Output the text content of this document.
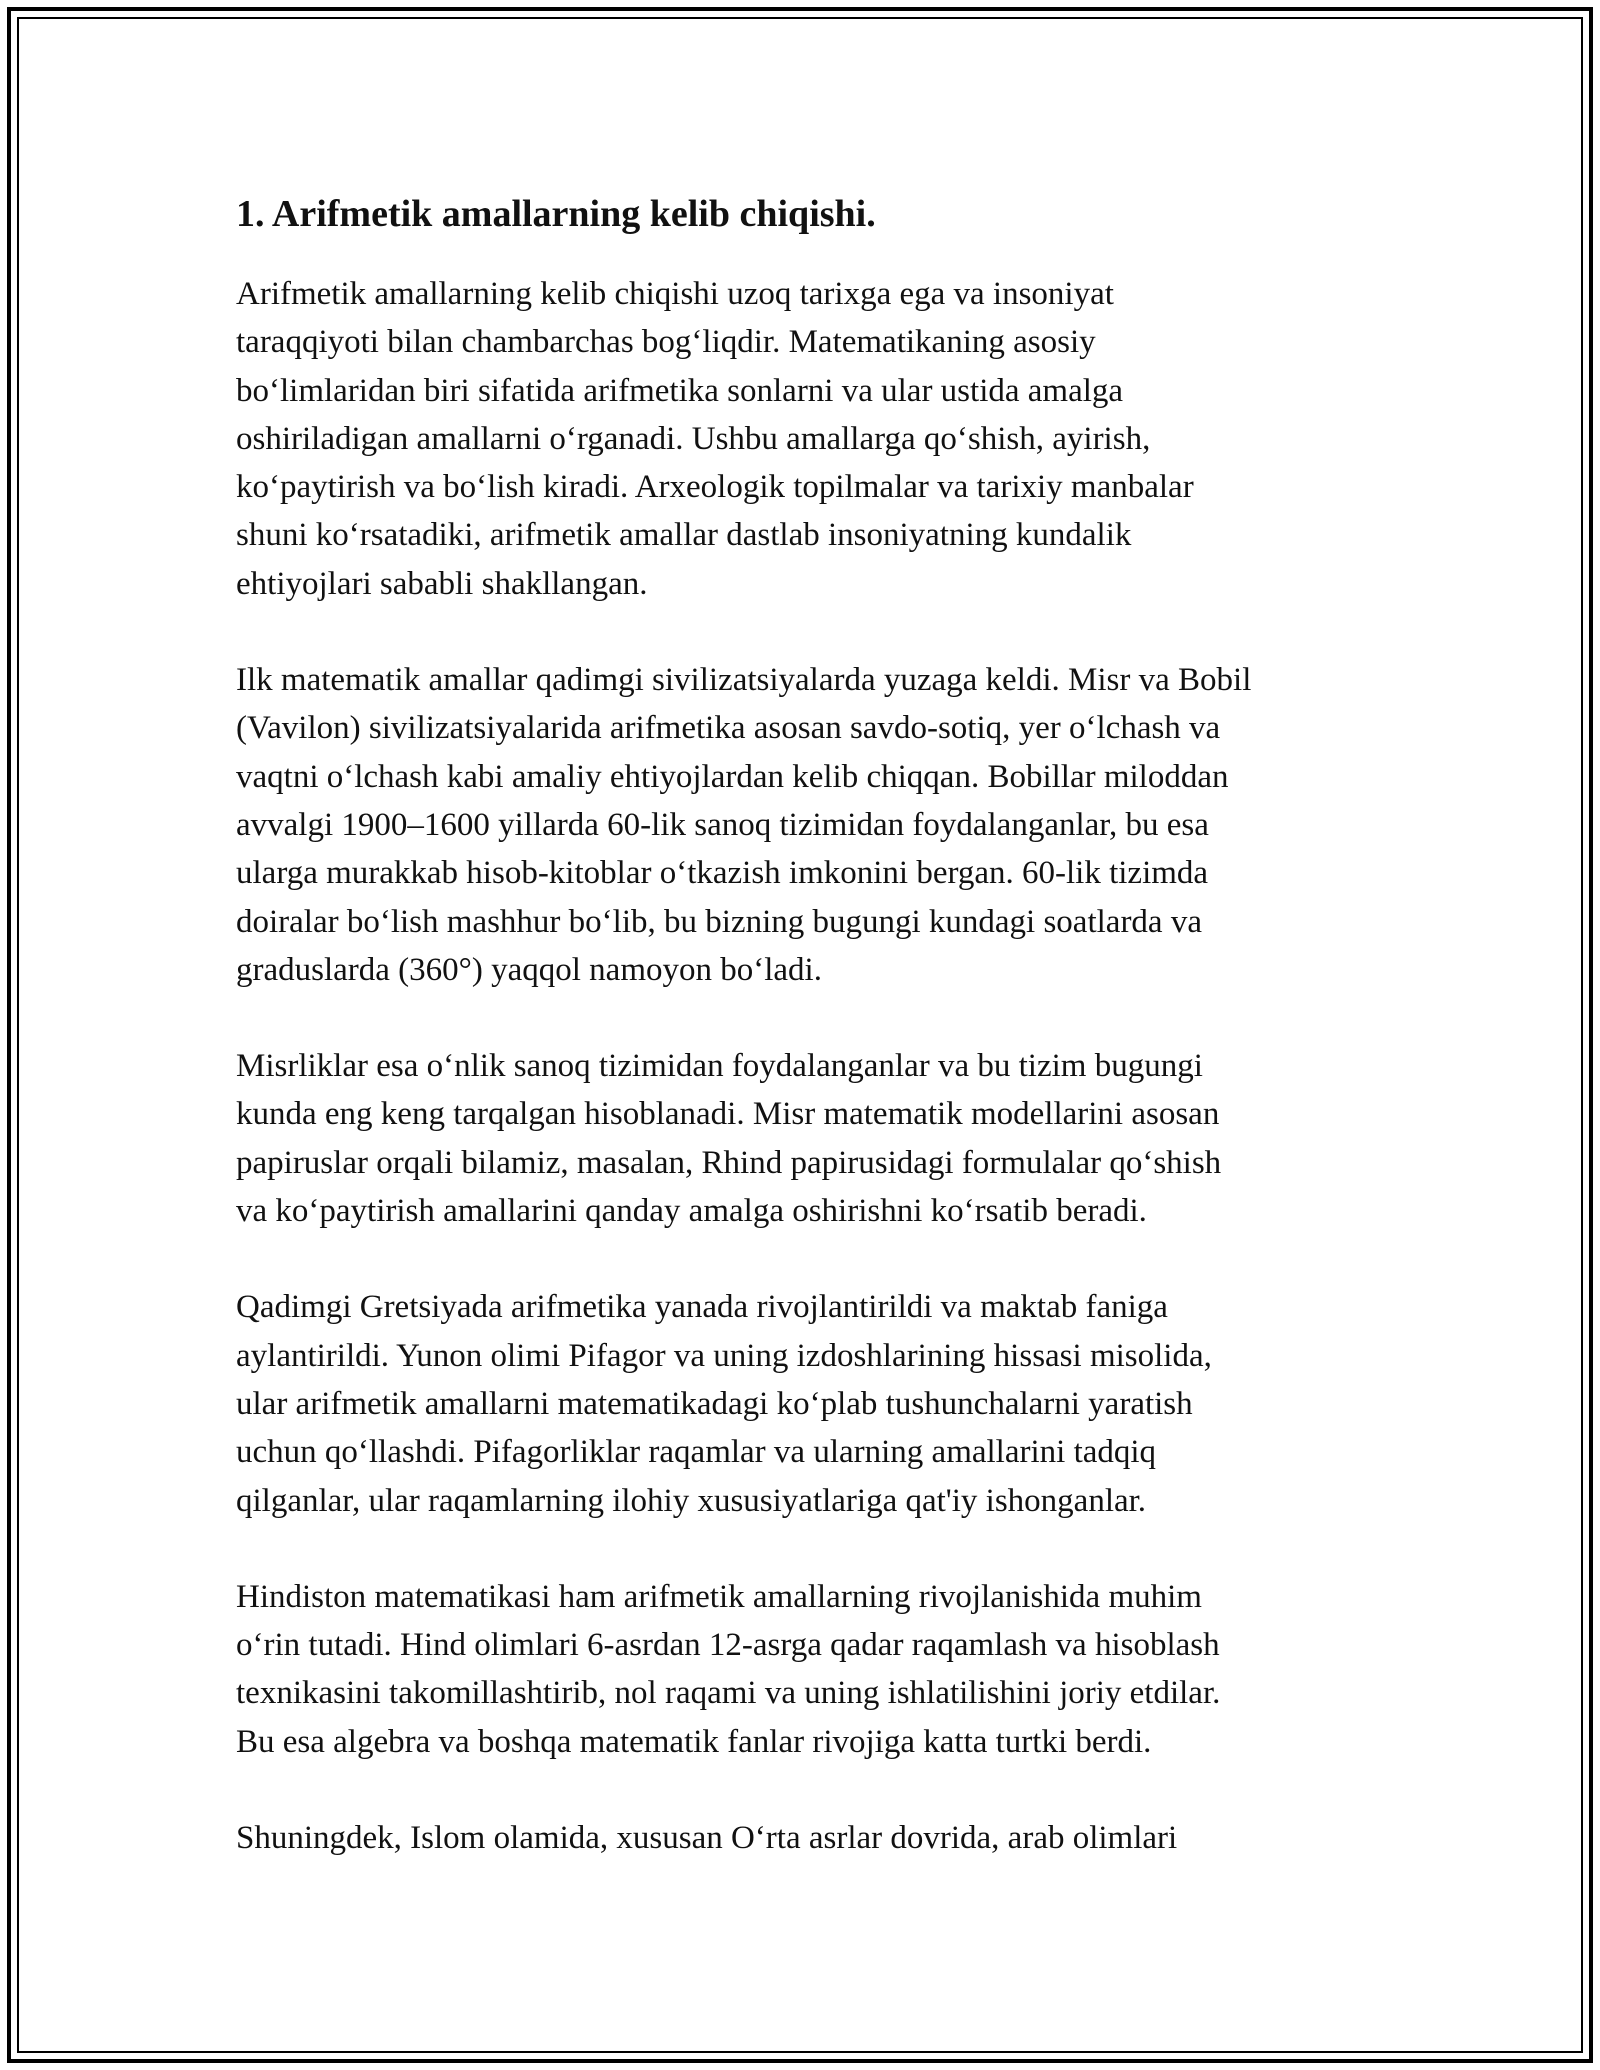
1. Arifmetik amallarning kelib chiqishi.

Arifmetik amallarning kelib chiqishi uzoq tarixga ega va insoniyat
taraqqiyoti bilan chambarchas bog‘liqdir. Matematikaning asosiy
bo‘limlaridan biri sifatida arifmetika sonlarni va ular ustida amalga
oshiriladigan amallarni o‘rganadi. Ushbu amallarga qo‘shish, ayirish,
ko‘paytirish va bo‘lish kiradi. Arxeologik topilmalar va tarixiy manbalar
shuni ko‘rsatadiki, arifmetik amallar dastlab insoniyatning kundalik
ehtiyojlari sababli shakllangan.

Ilk matematik amallar qadimgi sivilizatsiyalarda yuzaga keldi. Misr va Bobil
(Vavilon) sivilizatsiyalarida arifmetika asosan savdo-sotiq, yer o‘lchash va
vaqtni o‘lchash kabi amaliy ehtiyojlardan kelib chiqqan. Bobillar miloddan
avvalgi 1900–1600 yillarda 60-lik sanoq tizimidan foydalanganlar, bu esa
ularga murakkab hisob-kitoblar o‘tkazish imkonini bergan. 60-lik tizimda
doiralar bo‘lish mashhur bo‘lib, bu bizning bugungi kundagi soatlarda va
graduslarda (360°) yaqqol namoyon bo‘ladi.

Misrliklar esa o‘nlik sanoq tizimidan foydalanganlar va bu tizim bugungi
kunda eng keng tarqalgan hisoblanadi. Misr matematik modellarini asosan
papiruslar orqali bilamiz, masalan, Rhind papirusidagi formulalar qo‘shish
va ko‘paytirish amallarini qanday amalga oshirishni ko‘rsatib beradi.

Qadimgi Gretsiyada arifmetika yanada rivojlantirildi va maktab faniga
aylantirildi. Yunon olimi Pifagor va uning izdoshlarining hissasi misolida,
ular arifmetik amallarni matematikadagi ko‘plab tushunchalarni yaratish
uchun qo‘llashdi. Pifagorliklar raqamlar va ularning amallarini tadqiq
qilganlar, ular raqamlarning ilohiy xususiyatlariga qat'iy ishonganlar.

Hindiston matematikasi ham arifmetik amallarning rivojlanishida muhim
o‘rin tutadi. Hind olimlari 6-asrdan 12-asrga qadar raqamlash va hisoblash
texnikasini takomillashtirib, nol raqami va uning ishlatilishini joriy etdilar.
Bu esa algebra va boshqa matematik fanlar rivojiga katta turtki berdi.

Shuningdek, Islom olamida, xususan O‘rta asrlar dovrida, arab olimlari
